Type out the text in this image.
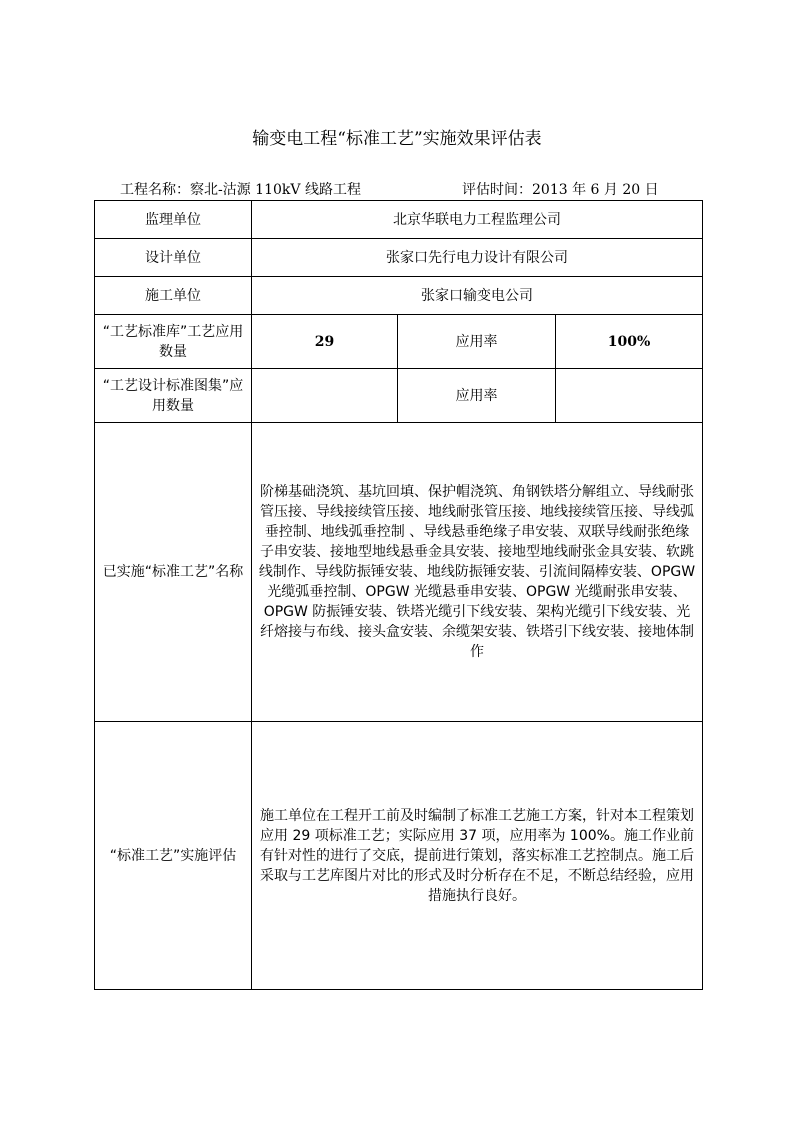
输变电工程“标准工艺”实施效果评估表
工程名称：察北-沽源 110kV 线路工程	评估时间：2013 年 6 月 20 日
监理单位	北京华联电力工程监理公司		
设计单位	张家口先行电力设计有限公司		
施工单位	张家口输变电公司		
“工艺标准库”工艺应用数量	29	应用率	100%
“工艺设计标准图集”应用数量		应用率	
已实施“标准工艺”名称	阶梯基础浇筑、基坑回填、保护帽浇筑、角钢铁塔分解组立、导线耐张管压接、导线接续管压接、地线耐张管压接、地线接续管压接、导线弧垂控制、地线弧垂控制 、导线悬垂绝缘子串安装、双联导线耐张绝缘子串安装、接地型地线悬垂金具安装、接地型地线耐张金具安装、软跳线制作、导线防振锤安装、地线防振锤安装、引流间隔棒安装、OPGW 光缆弧垂控制、OPGW 光缆悬垂串安装、OPGW 光缆耐张串安装、OPGW 防振锤安装、铁塔光缆引下线安装、架构光缆引下线安装、光纤熔接与布线、接头盒安装、余缆架安装、铁塔引下线安装、接地体制作		
“标准工艺”实施评估	施工单位在工程开工前及时编制了标准工艺施工方案，针对本工程策划应用 29 项标准工艺；实际应用 37 项，应用率为 100%。施工作业前有针对性的进行了交底，提前进行策划，落实标准工艺控制点。施工后采取与工艺库图片对比的形式及时分析存在不足，不断总结经验，应用措施执行良好。		
